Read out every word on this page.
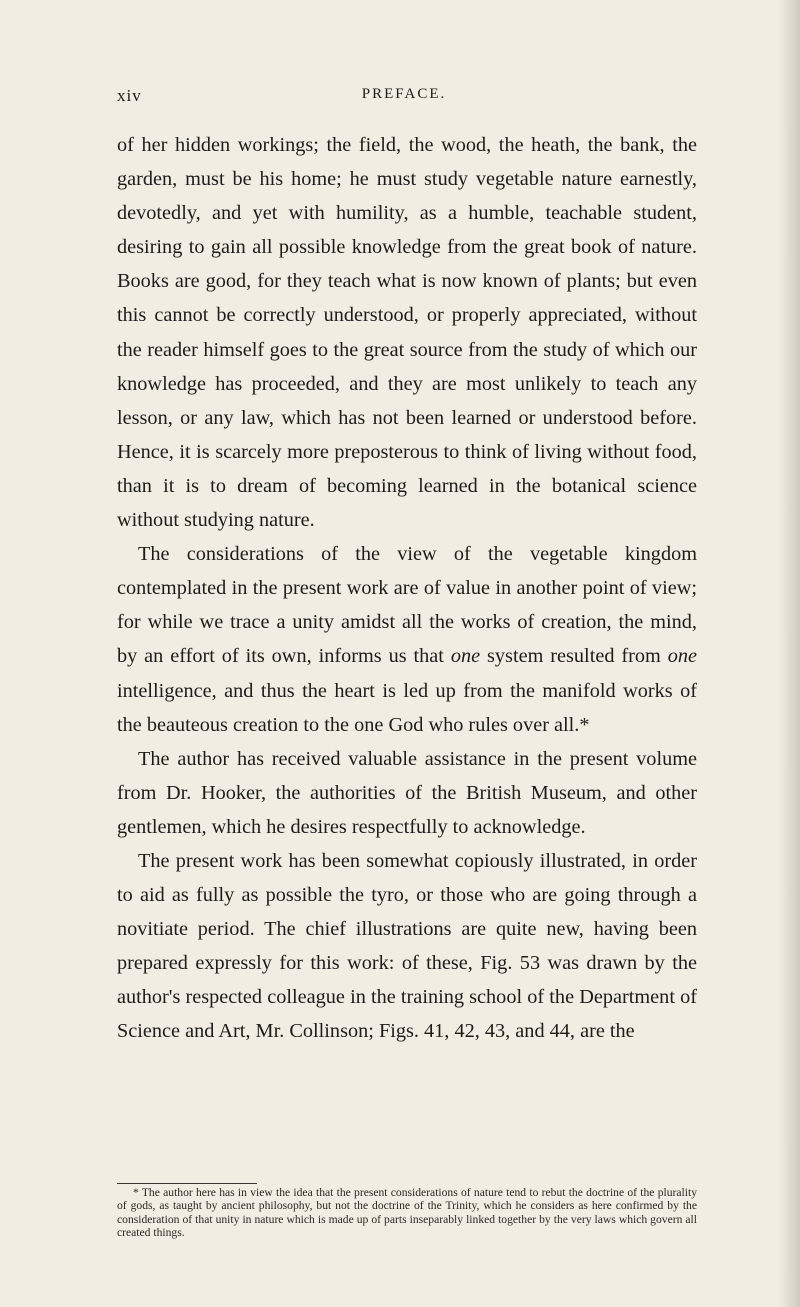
xiv	PREFACE.

of her hidden workings; the field, the wood, the heath, the bank, the garden, must be his home; he must study vegetable nature earnestly, devotedly, and yet with humility, as a humble, teachable student, desiring to gain all possible knowledge from the great book of nature. Books are good, for they teach what is now known of plants; but even this cannot be correctly understood, or properly appreciated, without the reader himself goes to the great source from the study of which our knowledge has proceeded, and they are most unlikely to teach any lesson, or any law, which has not been learned or understood before. Hence, it is scarcely more preposterous to think of living without food, than it is to dream of becoming learned in the botanical science without studying nature.

The considerations of the view of the vegetable kingdom contemplated in the present work are of value in another point of view; for while we trace a unity amidst all the works of creation, the mind, by an effort of its own, informs us that one system resulted from one intelligence, and thus the heart is led up from the manifold works of the beauteous creation to the one God who rules over all.*

The author has received valuable assistance in the present volume from Dr. Hooker, the authorities of the British Museum, and other gentlemen, which he desires respectfully to acknowledge.

The present work has been somewhat copiously illustrated, in order to aid as fully as possible the tyro, or those who are going through a novitiate period. The chief illustrations are quite new, having been prepared expressly for this work: of these, Fig. 53 was drawn by the author's respected colleague in the training school of the Department of Science and Art, Mr. Collinson; Figs. 41, 42, 43, and 44, are the

* The author here has in view the idea that the present considerations of nature tend to rebut the doctrine of the plurality of gods, as taught by ancient philosophy, but not the doctrine of the Trinity, which he considers as here confirmed by the consideration of that unity in nature which is made up of parts inseparably linked together by the very laws which govern all created things.
